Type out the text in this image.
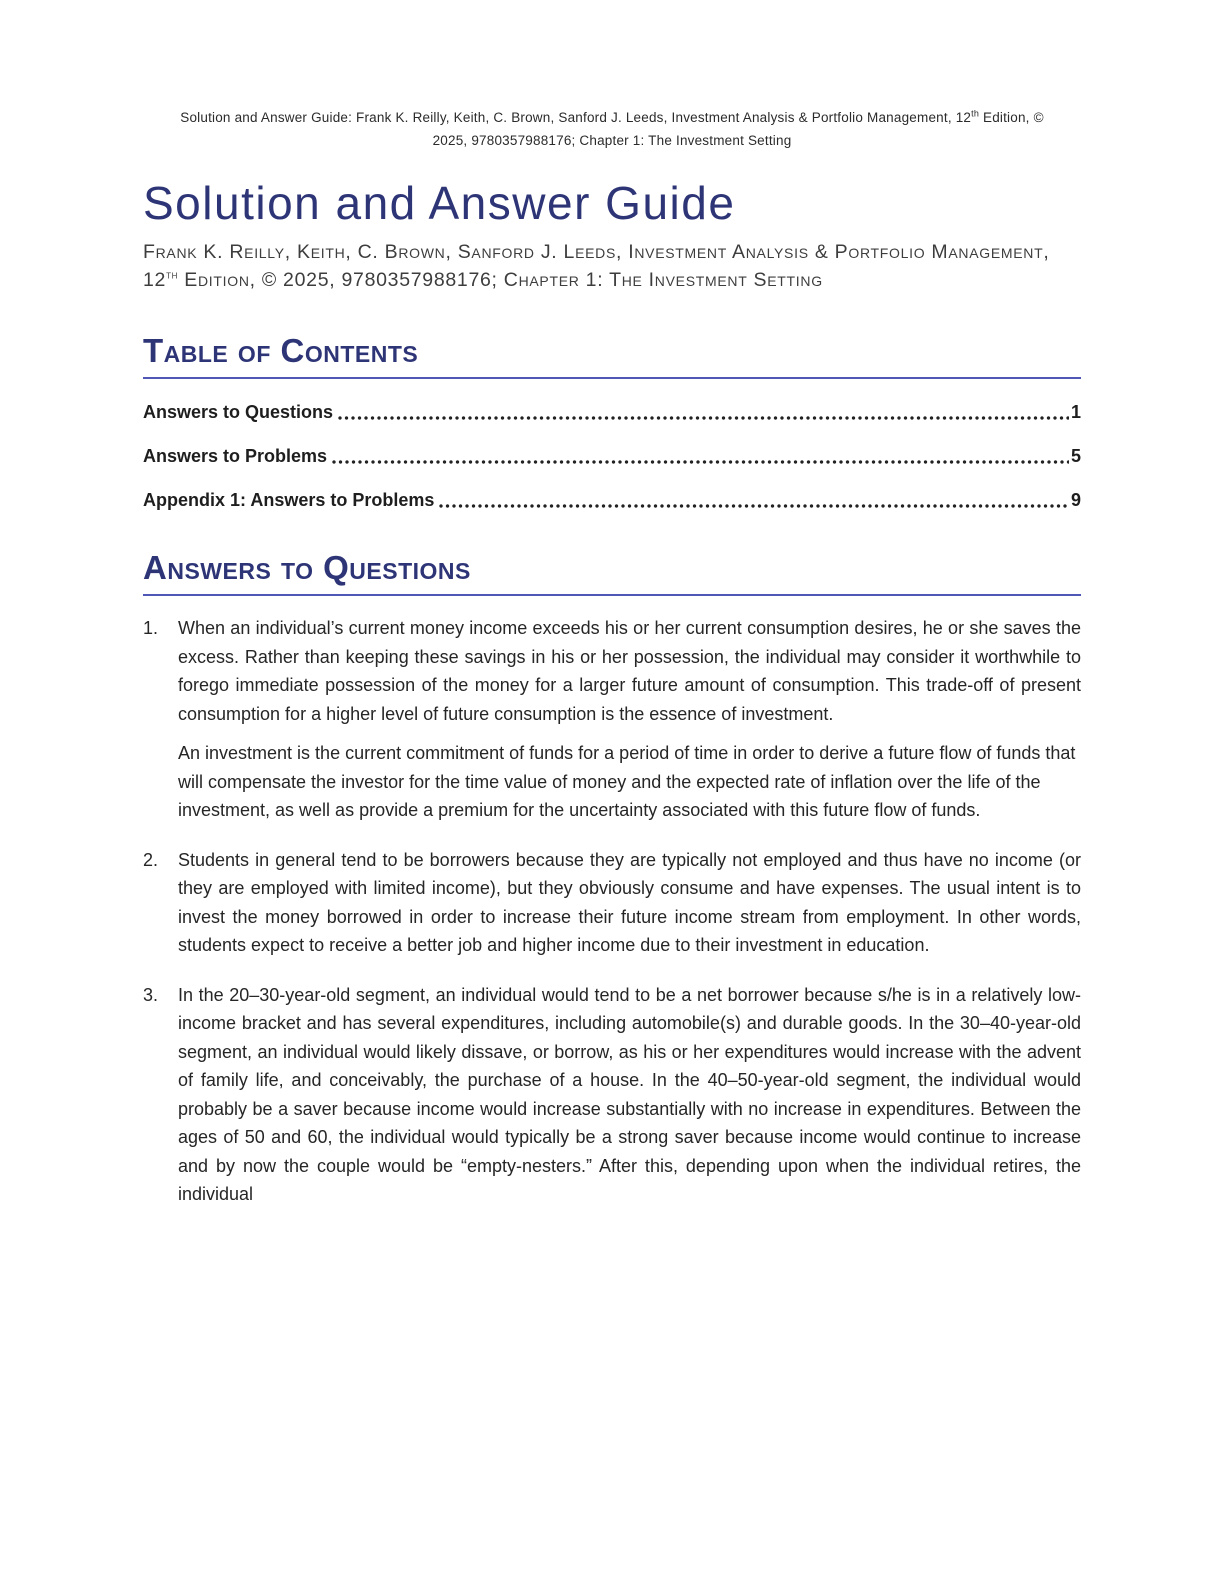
Solution and Answer Guide: Frank K. Reilly, Keith, C. Brown, Sanford J. Leeds, Investment Analysis & Portfolio Management, 12th Edition, © 2025, 9780357988176; Chapter 1: The Investment Setting
Solution and Answer Guide
Frank K. Reilly, Keith, C. Brown, Sanford J. Leeds, Investment Analysis & Portfolio Management, 12th Edition, © 2025, 9780357988176; Chapter 1: The Investment Setting
Table of Contents
Answers to Questions	1
Answers to Problems	5
Appendix 1: Answers to Problems	9
Answers to Questions
1.	When an individual’s current money income exceeds his or her current consumption desires, he or she saves the excess. Rather than keeping these savings in his or her possession, the individual may consider it worthwhile to forego immediate possession of the money for a larger future amount of consumption. This trade-off of present consumption for a higher level of future consumption is the essence of investment.

An investment is the current commitment of funds for a period of time in order to derive a future flow of funds that will compensate the investor for the time value of money and the expected rate of inflation over the life of the investment, as well as provide a premium for the uncertainty associated with this future flow of funds.

2.	Students in general tend to be borrowers because they are typically not employed and thus have no income (or they are employed with limited income), but they obviously consume and have expenses. The usual intent is to invest the money borrowed in order to increase their future income stream from employment. In other words, students expect to receive a better job and higher income due to their investment in education.

3.	In the 20–30-year-old segment, an individual would tend to be a net borrower because s/he is in a relatively low-income bracket and has several expenditures, including automobile(s) and durable goods. In the 30–40-year-old segment, an individual would likely dissave, or borrow, as his or her expenditures would increase with the advent of family life, and conceivably, the purchase of a house. In the 40–50-year-old segment, the individual would probably be a saver because income would increase substantially with no increase in expenditures. Between the ages of 50 and 60, the individual would typically be a strong saver because income would continue to increase and by now the couple would be “empty-nesters.” After this, depending upon when the individual retires, the individual
